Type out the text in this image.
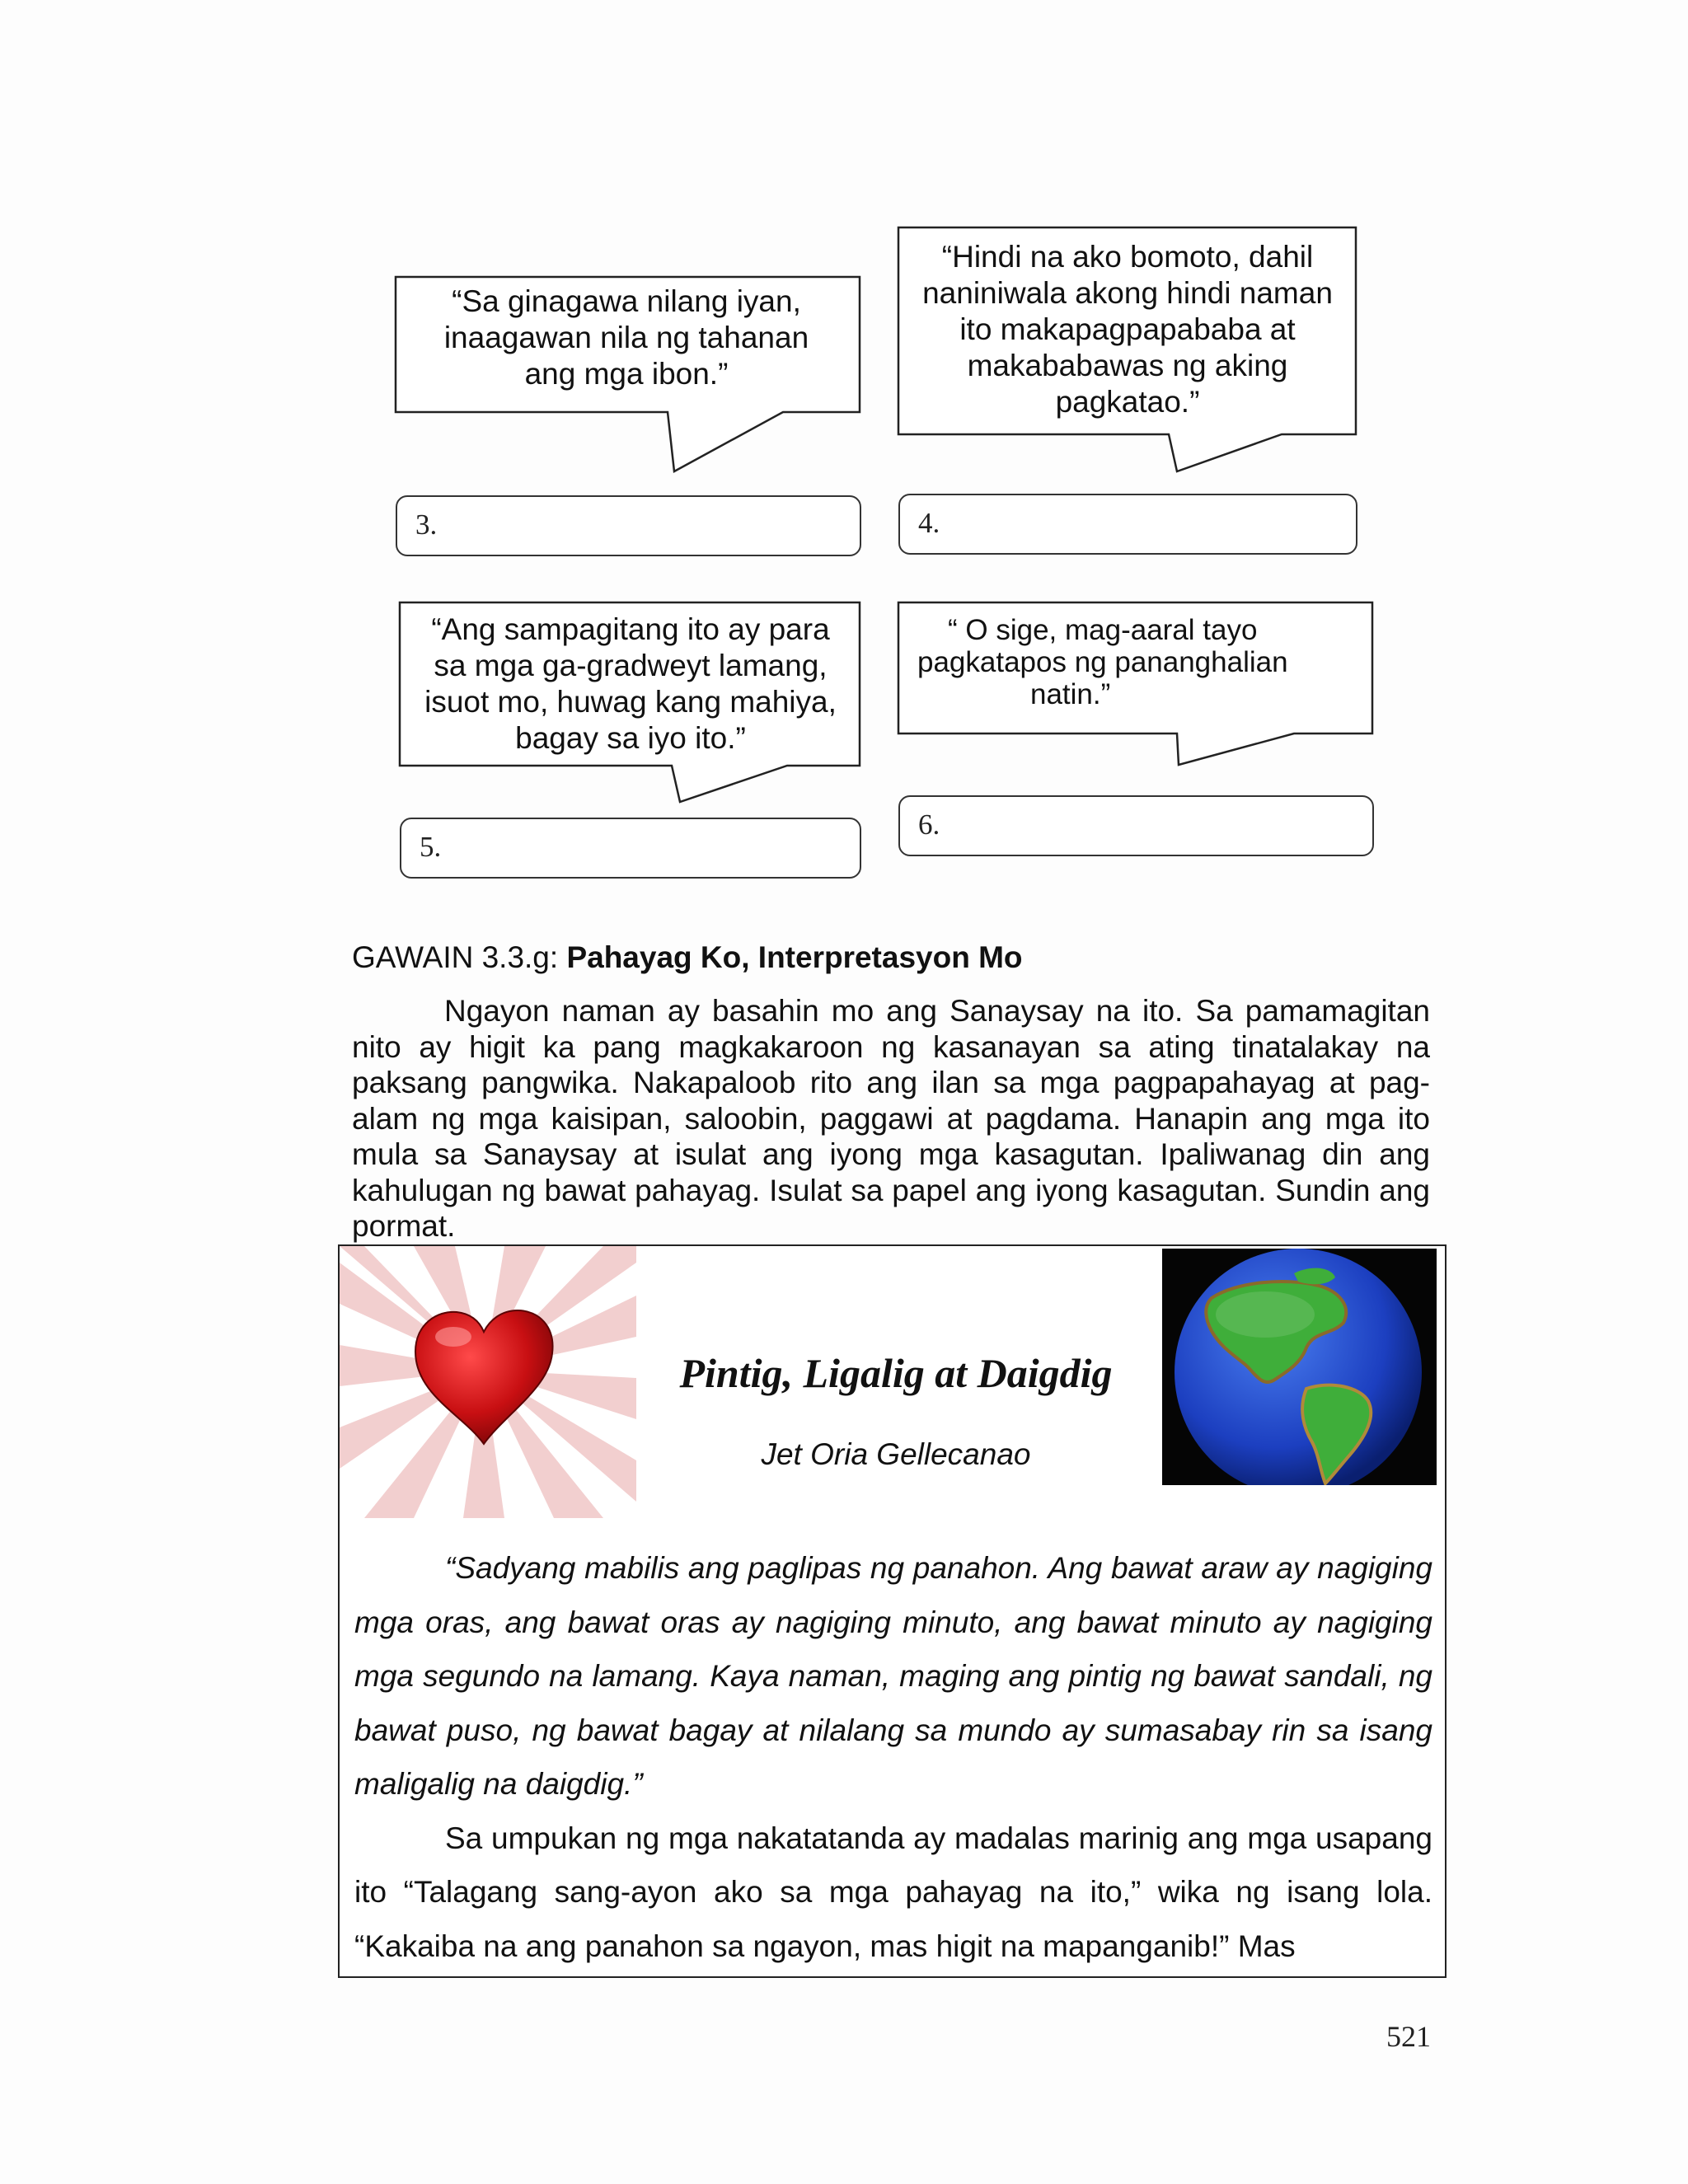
“Sa ginagawa nilang iyan, inaagawan nila ng tahanan ang mga ibon.”
“Hindi na ako bomoto, dahil naniniwala akong hindi naman ito makapagpapababa at makababawas ng aking pagkatao.”
3.	4.
“Ang sampagitang ito ay para sa mga ga-gradweyt lamang, isuot mo, huwag kang mahiya, bagay sa iyo ito.”
“ O sige, mag-aaral tayo
pagkatapos ng pananghalian
natin.”
5.
6.
GAWAIN 3.3.g: Pahayag Ko, Interpretasyon Mo
Ngayon naman ay basahin mo ang Sanaysay na ito. Sa pamamagitan nito ay higit ka pang magkakaroon ng kasanayan sa ating tinatalakay na paksang pangwika. Nakapaloob rito ang ilan sa mga pagpapahayag at pag-alam ng mga kaisipan, saloobin, paggawi at pagdama. Hanapin ang mga ito mula sa Sanaysay at isulat ang iyong mga kasagutan. Ipaliwanag din ang kahulugan ng bawat pahayag. Isulat sa papel ang iyong kasagutan. Sundin ang pormat.
Pintig, Ligalig at Daigdig
Jet Oria Gellecanao

“Sadyang mabilis ang paglipas ng panahon. Ang bawat araw ay nagiging mga oras, ang bawat oras ay nagiging minuto, ang bawat minuto ay nagiging mga segundo na lamang. Kaya naman, maging ang pintig ng bawat sandali, ng bawat puso, ng bawat bagay at nilalang sa mundo ay sumasabay rin sa isang maligalig na daigdig.”

Sa umpukan ng mga nakatatanda ay madalas marinig ang mga usapang ito “Talagang sang-ayon ako sa mga pahayag na ito,” wika ng isang lola. “Kakaiba na ang panahon sa ngayon, mas higit na mapanganib!” Mas

521
